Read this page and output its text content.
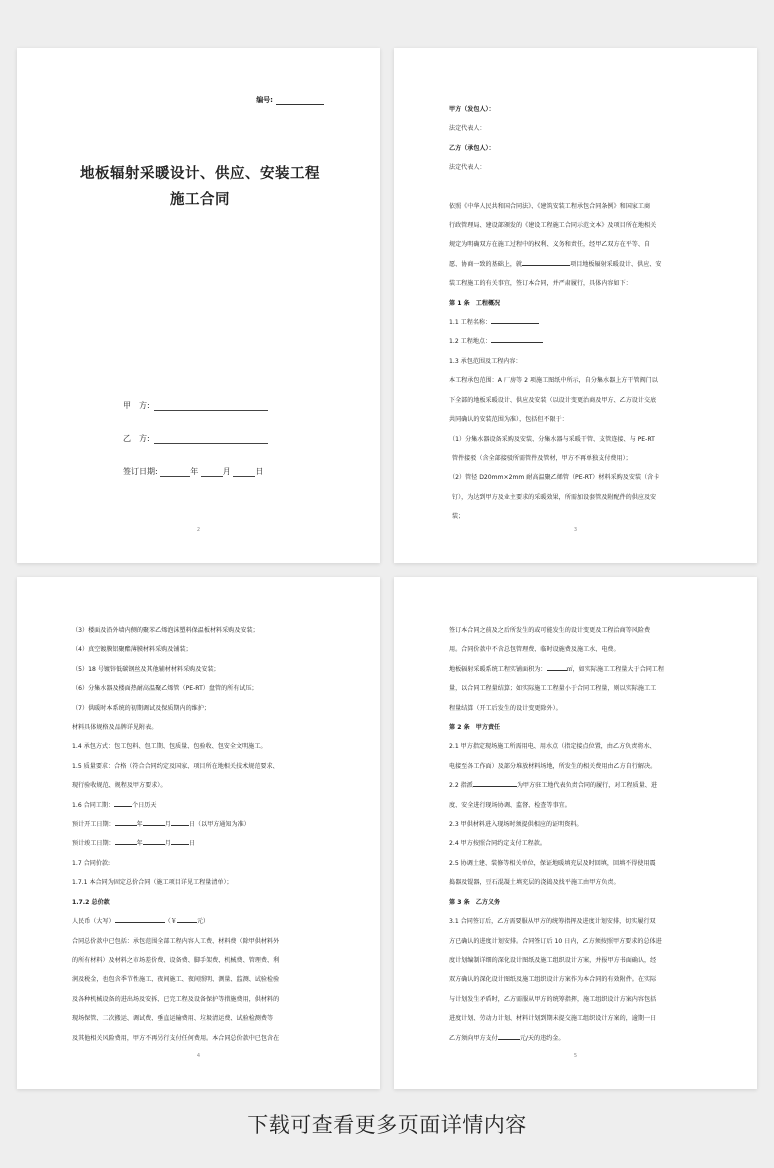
编号:
地板辐射采暖设计、供应、安装工程施工合同
甲　方:
乙　方:
签订日期:	年	月	日
2
甲方（发包人）：
法定代表人：
乙方（承包人）：
法定代表人：
依照《中华人民共和国合同法》、《建筑安装工程承包合同条例》和国家工商
行政管理局、建设部颁发的《建设工程施工合同示范文本》及项目所在地相关
规定为明确双方在施工过程中的权利、义务和责任，经甲乙双方在平等、自
愿、协商一致的基础上，就	项目地板辐射采暖设计、供应、安
装工程施工的有关事宜，签订本合同，并严肃履行，具体内容如下：
第 1 条　工程概况
1.1 工程名称：
1.2 工程地点：
1.3 承包范围及工程内容：
本工程承包范围：A 厂房等 2 项施工图纸中所示，自分集水器上方干管阀门以
下全部的地板采暖设计、供应及安装（以设计变更治商及甲方、乙方设计交底
共同确认的安装范围为准），包括但不限于：
（1）分集水器设备采购及安装、分集水器与采暖干管、支管连接、与 PE-RT
管件接驳（含全部接驳所需管件及管材，甲方不再单独支付费用）；
（2）管径 D20mm×2mm 耐高温聚乙烯管（PE-RT）材料采购及安装（含卡
钉），为达到甲方及业主要求的采暖效果，所需加设套管及附配件的供应及安
装；
3
（3）楼面及沿外墙内侧的聚苯乙烯泡沫塑料保温板材料采购及安装；
（4）真空镀膜铝聚酯薄膜材料采购及铺装；
（5）18 号镀锌低碳钢丝及其他辅材材料采购及安装；
（6）分集水器及楼面热耐高温聚乙烯管（PE-RT）盘管的所有试压；
（7）供暖时本系统的初期调试及保质期内的维护；
材料具体规格及品牌详见附表。
1.4 承包方式：包工包料、包工期、包质量、包验收、包安全文明施工。
1.5 质量要求：合格（符合合同约定及国家、项目所在地相关技术规范要求、
现行验收规范、规程及甲方要求）。
1.6 合同工期：	个日历天
预计开工日期：	年	月	日（以甲方通知为准）
预计竣工日期：	年	月	日
1.7 合同价款:
1.7.1 本合同为固定总价合同（施工项目详见工程量清单）；
1.7.2 总价款
人民币（大写）	（￥	元）
合同总价款中已包括：承包范围全部工程内容人工费、材料费（除甲供材料外
的所有材料）及材料之市场差价费、设备费、脚手架费、机械费、管理费、利
润及税金，也包含季节性施工、夜间施工、夜间照明、测量、监测、试验检验
及各种机械设备的进出场及安拆、已完工程及设备保护等措施费用，供材料的
现场保管、二次搬运、调试费、垂直运输费用、垃圾清运费、试验检测费等
及其他相关风险费用，甲方不再另行支付任何费用。本合同总价款中已包含在
4
签订本合同之前及之后所发生的或可能发生的设计变更及工程洽商等风险费
用。合同价款中不含总包管理费、临时设施费及施工水、电费。
地板辐射采暖系统工程实铺面积为：	㎡，如实际施工工程量大于合同工程
量，以合同工程量结算；如实际施工工程量小于合同工程量，则以实际施工工
程量结算（开工后发生的设计变更除外）。
第 2 条　甲方责任
2.1 甲方指定现场施工所需用电、用水点（指定接点位置，由乙方负责将水、
电接至各工作面）及部分堆放材料场地，所发生的相关费用由乙方自行解决。
2.2 指派	为甲方驻工地代表负责合同的履行，对工程质量、进
度、安全进行现场协调、监督、检查等事宜。
2.3 甲供材料进入现场时须提供相应的证明资料。
2.4 甲方按照合同约定支付工程款。
2.5 协调土建、装修等相关单位，保证地暖填充层及时回填，回填不得使用震
捣器及锟器，豆石混凝土填充层的浇捣及找平施工由甲方负责。
第 3 条　乙方义务
3.1 合同签订后，乙方需要服从甲方的统筹指挥及进度计划安排，切实履行双
方已确认的进度计划安排。合同签订后 10 日内，乙方须按照甲方要求的总体进
度计划编制详细的深化设计图纸及施工组织设计方案，并报甲方书面确认，经
双方确认的深化设计图纸及施工组织设计方案作为本合同的有效附件。在实际
与计划发生矛盾时，乙方需服从甲方的统筹指挥，施工组织设计方案内容包括
进度计划、劳动力计划、材料计划到期未提交施工组织设计方案的，逾期一日
乙方须向甲方支付	元/天的违约金。
5
下载可查看更多页面详情内容
